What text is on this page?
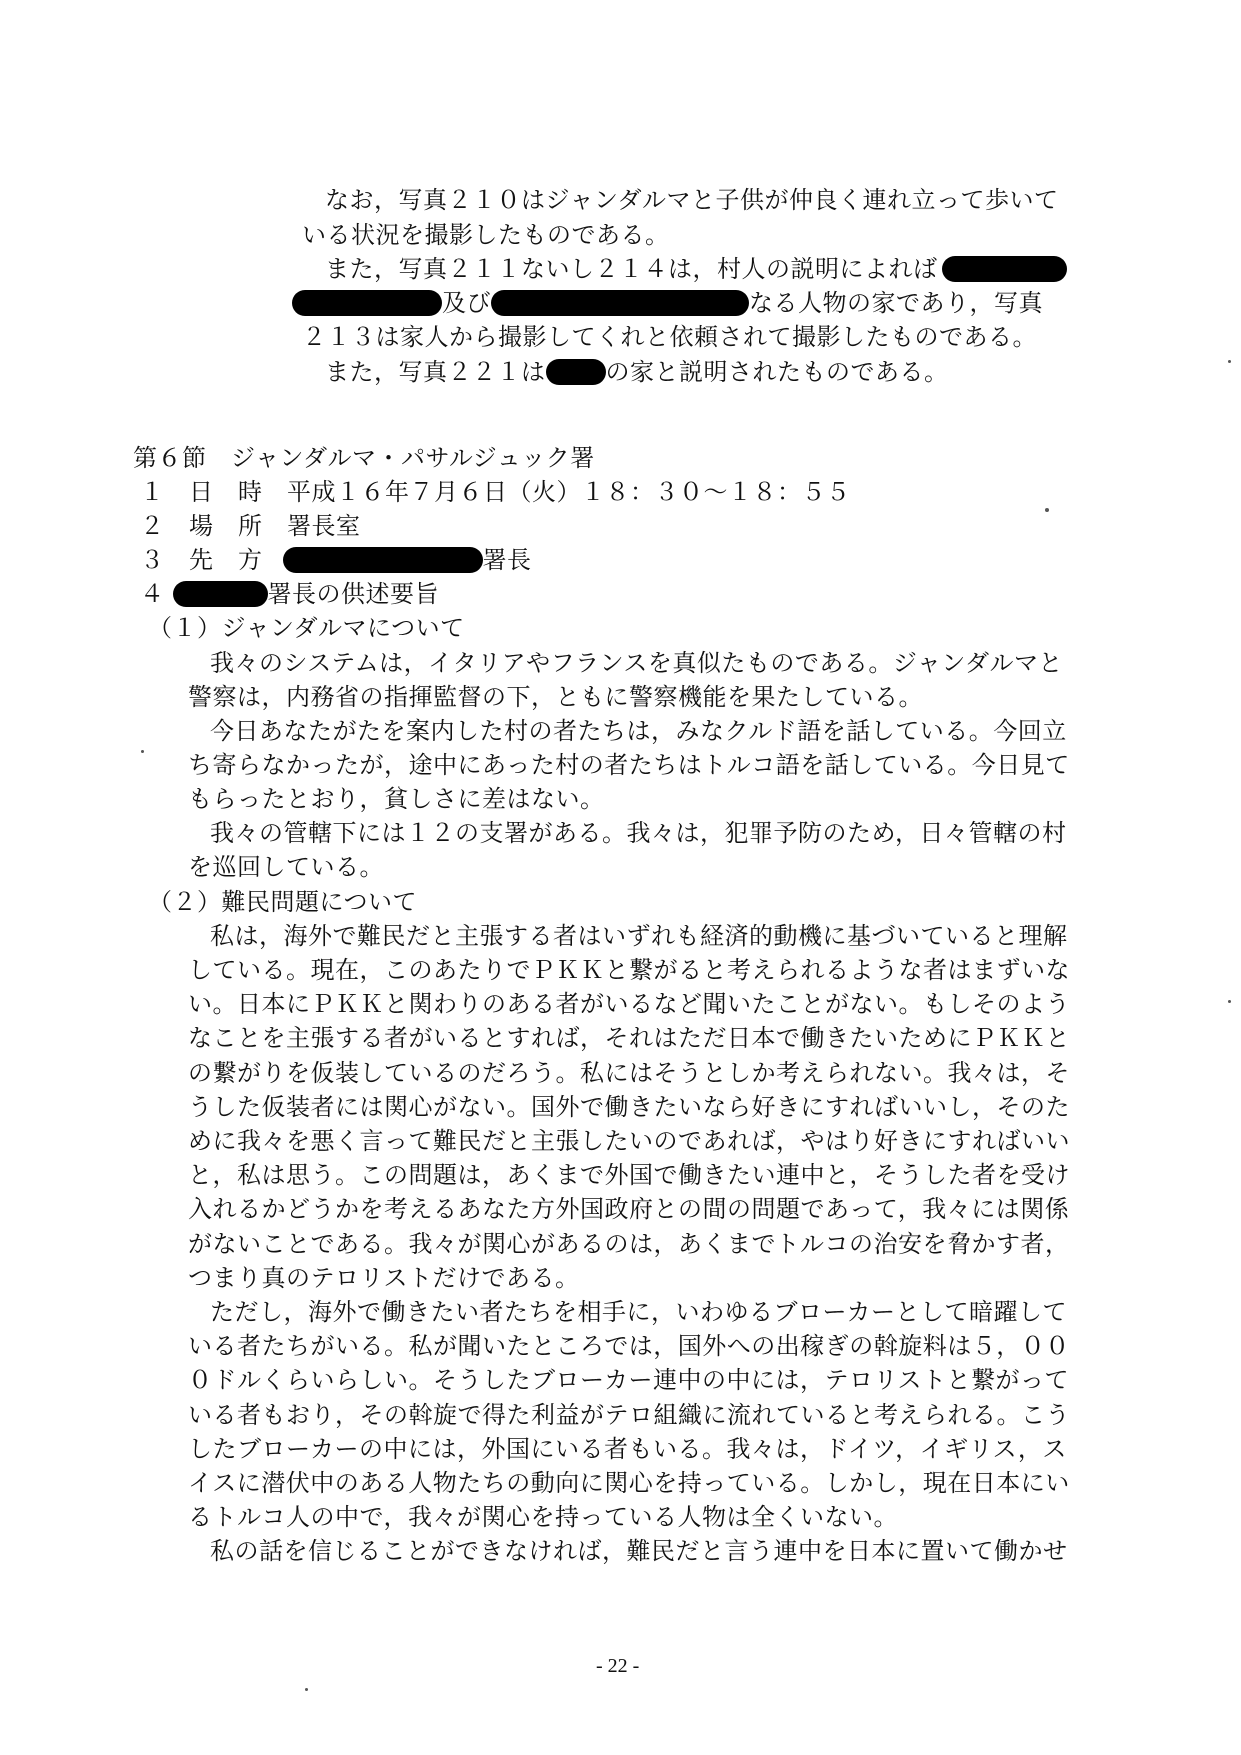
なお，写真２１０はジャンダルマと子供が仲良く連れ立って歩いて
いる状況を撮影したものである。
また，写真２１１ないし２１４は，村人の説明によれば
及び	なる人物の家であり，写真
２１３は家人から撮影してくれと依頼されて撮影したものである。
また，写真２２１は	の家と説明されたものである。
第６節　ジャンダルマ・パサルジュック署
１　日　時　平成１６年７月６日（火）１８：３０～１８：５５
２　場　所　署長室
３　先　方	署長
４	署長の供述要旨
（１）ジャンダルマについて
我々のシステムは，イタリアやフランスを真似たものである。ジャンダルマと
警察は，内務省の指揮監督の下，ともに警察機能を果たしている。
今日あなたがたを案内した村の者たちは，みなクルド語を話している。今回立
ち寄らなかったが，途中にあった村の者たちはトルコ語を話している。今日見て
もらったとおり，貧しさに差はない。
我々の管轄下には１２の支署がある。我々は，犯罪予防のため，日々管轄の村
を巡回している。
（２）難民問題について
私は，海外で難民だと主張する者はいずれも経済的動機に基づいていると理解
している。現在，このあたりでＰＫＫと繋がると考えられるような者はまずいな
い。日本にＰＫＫと関わりのある者がいるなど聞いたことがない。もしそのよう
なことを主張する者がいるとすれば，それはただ日本で働きたいためにＰＫＫと
の繋がりを仮装しているのだろう。私にはそうとしか考えられない。我々は，そ
うした仮装者には関心がない。国外で働きたいなら好きにすればいいし，そのた
めに我々を悪く言って難民だと主張したいのであれば，やはり好きにすればいい
と，私は思う。この問題は，あくまで外国で働きたい連中と，そうした者を受け
入れるかどうかを考えるあなた方外国政府との間の問題であって，我々には関係
がないことである。我々が関心があるのは，あくまでトルコの治安を脅かす者，
つまり真のテロリストだけである。
ただし，海外で働きたい者たちを相手に，いわゆるブローカーとして暗躍して
いる者たちがいる。私が聞いたところでは，国外への出稼ぎの斡旋料は５，００
０ドルくらいらしい。そうしたブローカー連中の中には，テロリストと繋がって
いる者もおり，その斡旋で得た利益がテロ組織に流れていると考えられる。こう
したブローカーの中には，外国にいる者もいる。我々は，ドイツ，イギリス，ス
イスに潜伏中のある人物たちの動向に関心を持っている。しかし，現在日本にい
るトルコ人の中で，我々が関心を持っている人物は全くいない。
私の話を信じることができなければ，難民だと言う連中を日本に置いて働かせ
- 22 -
